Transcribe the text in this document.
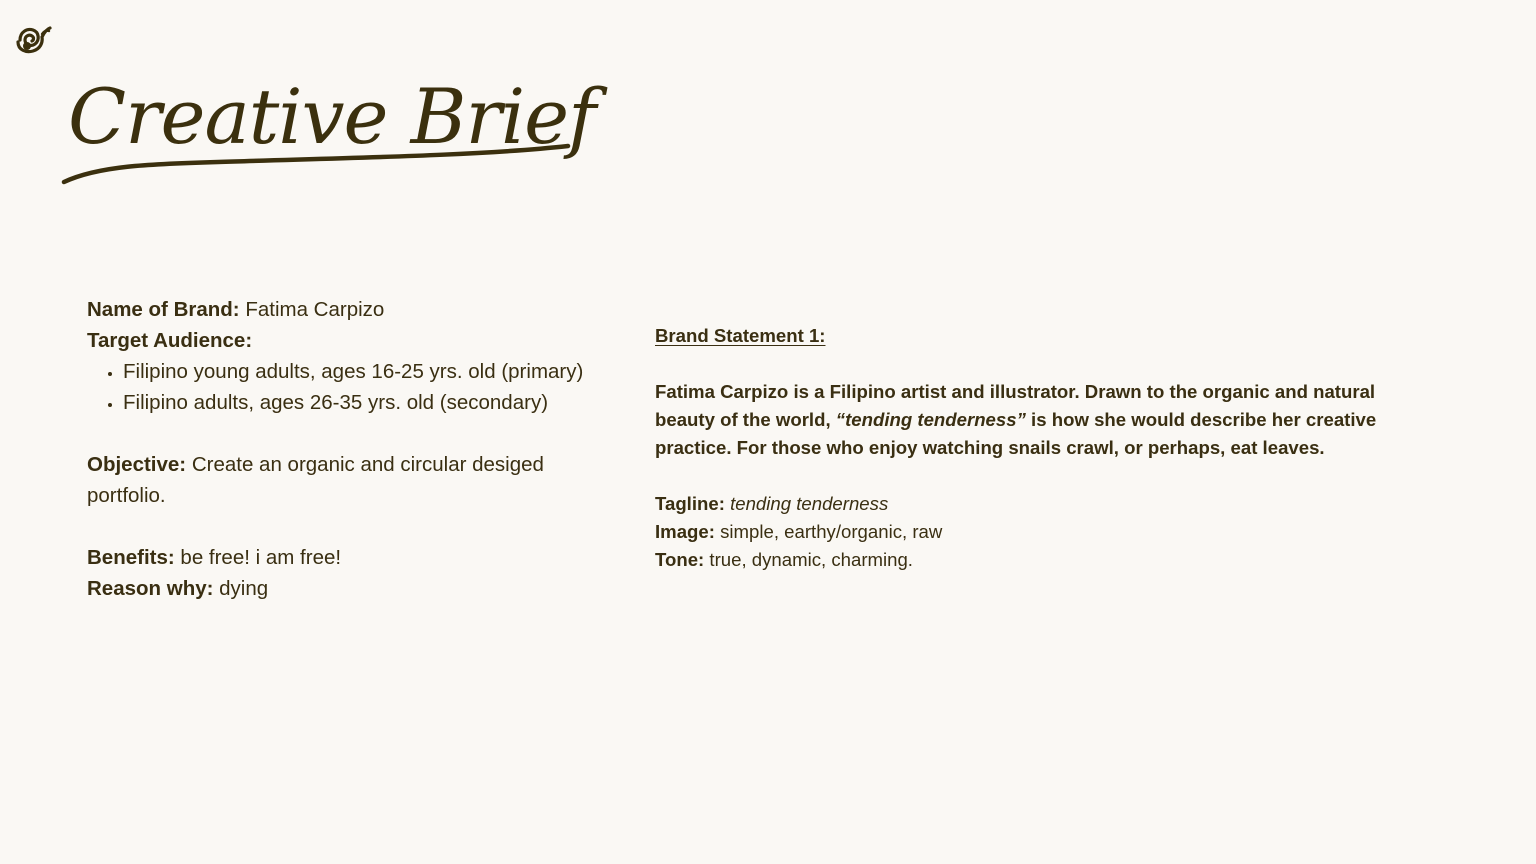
Creative Brief

Name of Brand: Fatima Carpizo

Target Audience:

• Filipino young adults, ages 16-25 yrs. old (primary)
• Filipino adults, ages 26-35 yrs. old (secondary)

Objective: Create an organic and circular desiged portfolio.

Benefits: be free! i am free!

Reason why: dying

Brand Statement 1:

Fatima Carpizo is a Filipino artist and illustrator. Drawn to the organic and natural beauty of the world, “tending tenderness” is how she would describe her creative practice. For those who enjoy watching snails crawl, or perhaps, eat leaves.

Tagline: tending tenderness

Image: simple, earthy/organic, raw

Tone: true, dynamic, charming.
